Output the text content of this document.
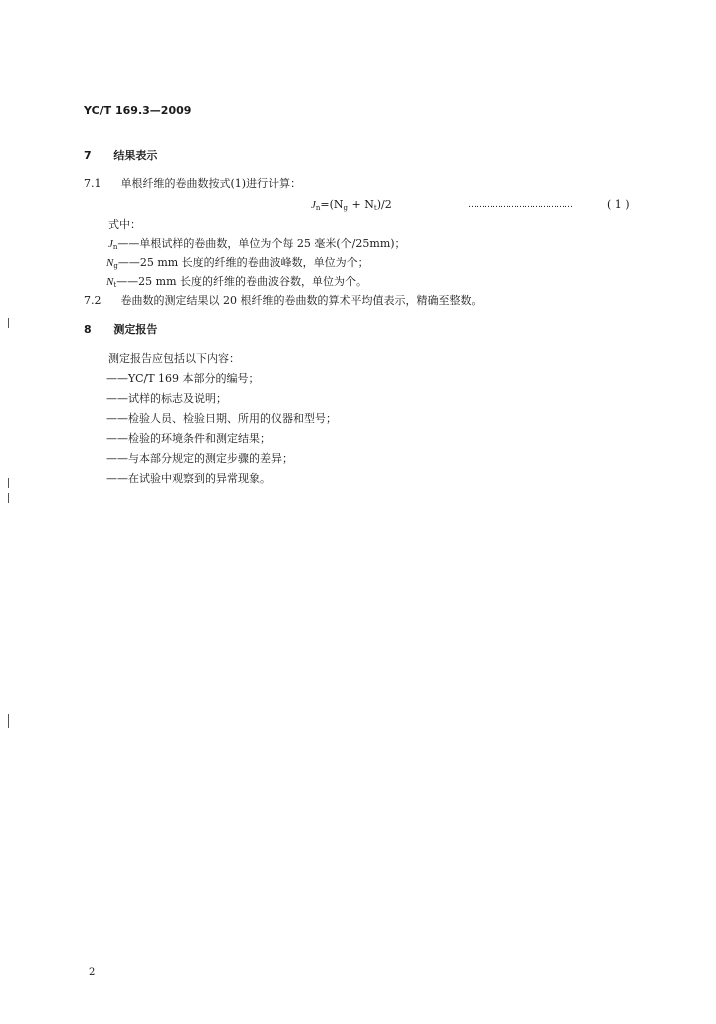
YC/T 169.3—2009
7 结果表示
7.1 单根纤维的卷曲数按式(1)进行计算：
$J_n=(N_g + N_t)/2$	…………………………………	( 1 )
式中：
$J_n——$单根试样的卷曲数，单位为个每 25 毫米(个/25mm)；
$N_g——25$ mm 长度的纤维的卷曲波峰数，单位为个；
$N_t——25$ mm 长度的纤维的卷曲波谷数，单位为个。
7.2 卷曲数的测定结果以 20 根纤维的卷曲数的算术平均值表示，精确至整数。
8 测定报告
测定报告应包括以下内容：
——YC/T 169 本部分的编号；
——试样的标志及说明；
——检验人员、检验日期、所用的仪器和型号；
——检验的环境条件和测定结果；
——与本部分规定的测定步骤的差异；
——在试验中观察到的异常现象。
2
